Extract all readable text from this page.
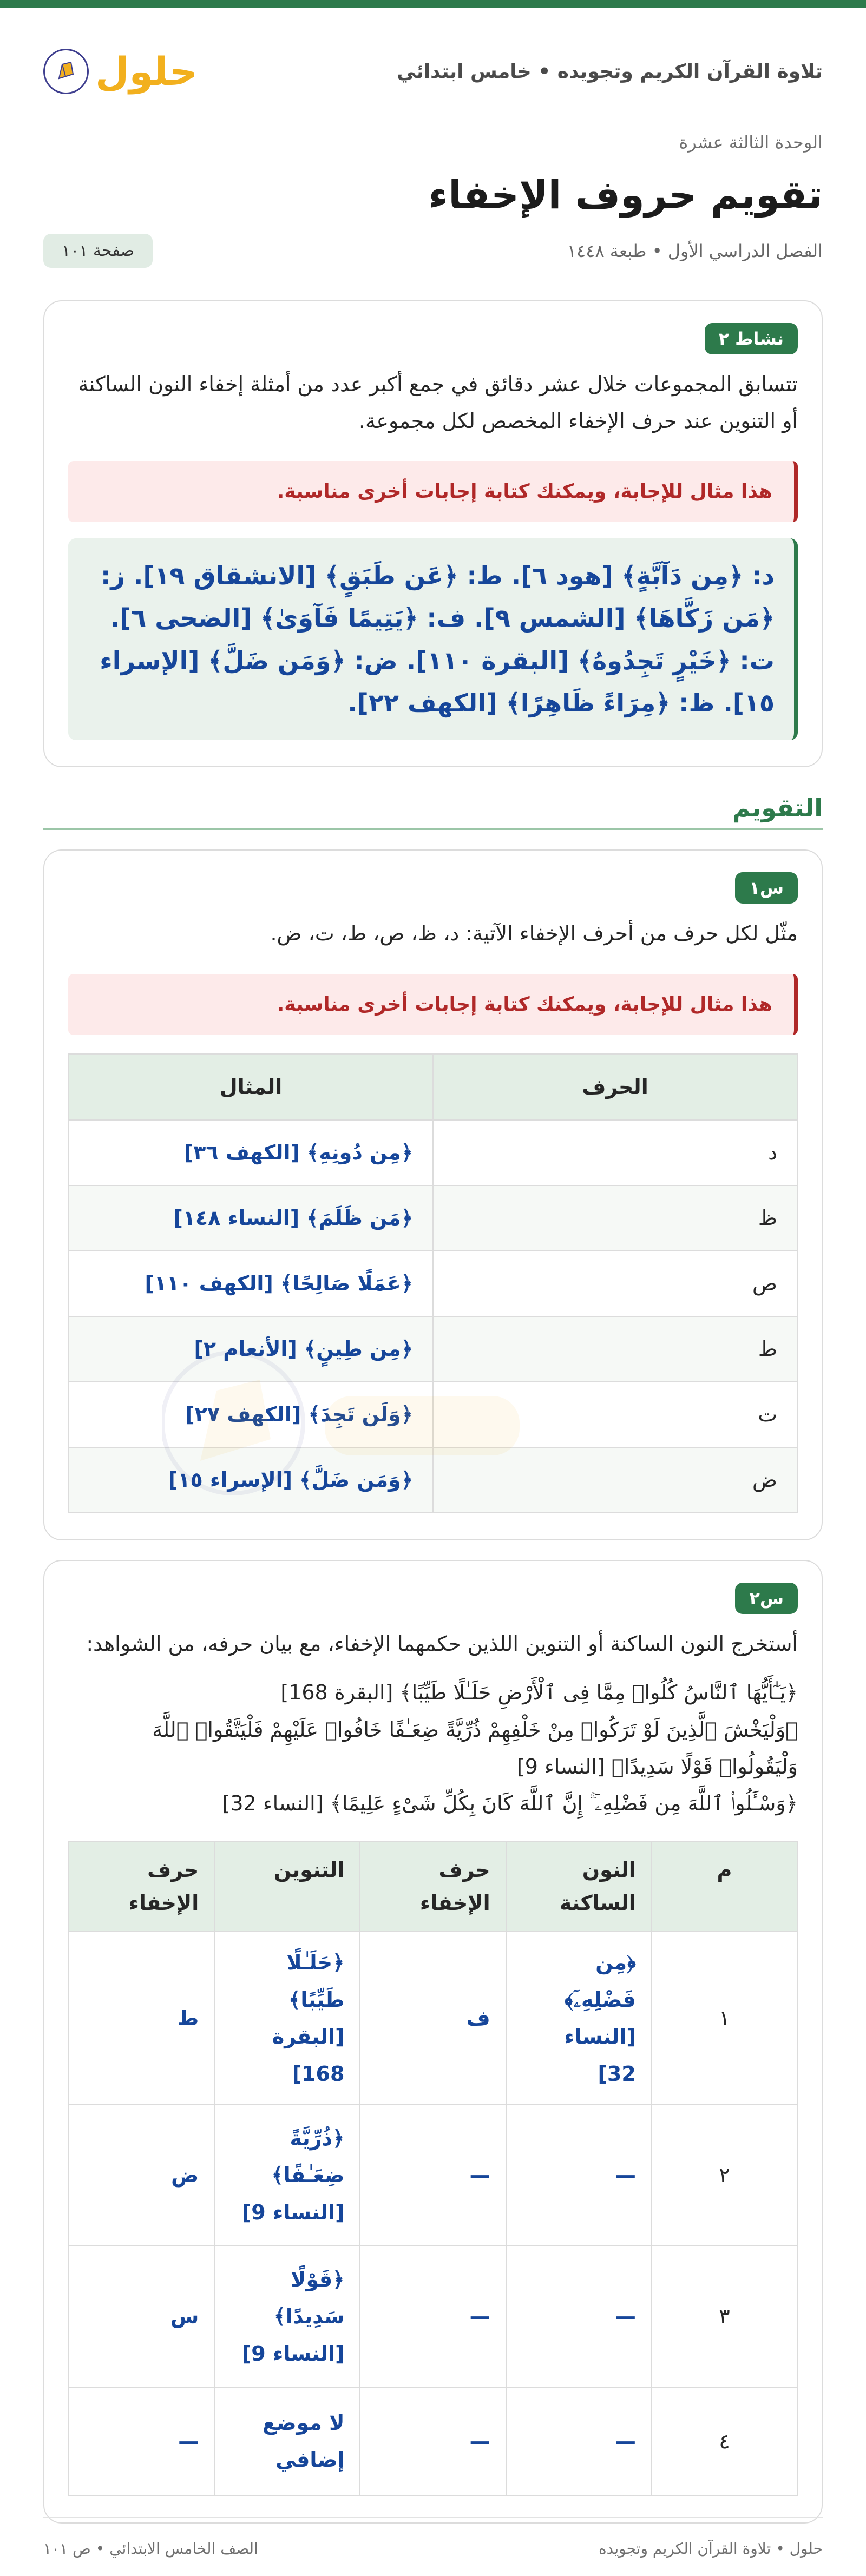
تلاوة القرآن الكريم وتجويده • خامس ابتدائي
حلول
الوحدة الثالثة عشرة
تقويم حروف الإخفاء
الفصل الدراسي الأول • طبعة ١٤٤٨
صفحة ١٠١
نشاط ٢

تتسابق المجموعات خلال عشر دقائق في جمع أكبر عدد من أمثلة إخفاء النون الساكنة أو التنوين عند حرف الإخفاء المخصص لكل مجموعة.

هذا مثال للإجابة، ويمكنك كتابة إجابات أخرى مناسبة.
د: ﴿مِن دَآبَّةٍ﴾ [هود ٦]. ط: ﴿عَن طَبَقٍ﴾ [الانشقاق ١٩]. ز: ﴿مَن زَكَّاهَا﴾ [الشمس ٩]. ف: ﴿يَتِيمًا فَآوَىٰ﴾ [الضحى ٦]. ت: ﴿خَيْرٍ تَجِدُوهُ﴾ [البقرة ١١٠]. ض: ﴿وَمَن ضَلَّ﴾ [الإسراء ١٥]. ظ: ﴿مِرَاءً ظَاهِرًا﴾ [الكهف ٢٢].
التقويم
س١

مثّل لكل حرف من أحرف الإخفاء الآتية: د، ظ، ص، ط، ت، ض.

هذا مثال للإجابة، ويمكنك كتابة إجابات أخرى مناسبة.
الحرف	المثال
د	﴿مِن دُونِهِ﴾ [الكهف ٣٦]
ظ	﴿مَن ظَلَمَ﴾ [النساء ١٤٨]
ص	﴿عَمَلًا صَالِحًا﴾ [الكهف ١١٠]
ط	﴿مِن طِينٍ﴾ [الأنعام ٢]
ت	﴿وَلَن تَجِدَ﴾ [الكهف ٢٧]
ض	﴿وَمَن ضَلَّ﴾ [الإسراء ١٥]
س٢

أستخرج النون الساكنة أو التنوين اللذين حكمهما الإخفاء، مع بيان حرفه، من الشواهد:

﴿يَـٰٓأَيُّهَا ٱلنَّاسُ كُلُوا۟ مِمَّا فِى ٱلْأَرْضِ حَلَـٰلًا طَيِّبًا﴾ [البقرة 168]
﴿وَلْيَخْشَ ٱلَّذِينَ لَوْ تَرَكُوا۟ مِنْ خَلْفِهِمْ ذُرِّيَّةً ضِعَـٰفًا خَافُوا۟ عَلَيْهِمْ فَلْيَتَّقُوا۟ ٱللَّهَ وَلْيَقُولُوا۟ قَوْلًا سَدِيدًا﴾ [النساء 9]
﴿وَسْـَٔلُوا۟ ٱللَّهَ مِن فَضْلِهِۦٓ ۚ إِنَّ ٱللَّهَ كَانَ بِكُلِّ شَىْءٍ عَلِيمًا﴾ [النساء 32]
م	النون الساكنة	حرف الإخفاء	التنوين	حرف الإخفاء
١	﴿مِن فَضْلِهِۦٓ﴾ [النساء 32]	ف	﴿حَلَـٰلًا طَيِّبًا﴾ [البقرة 168]	ط
٢	—	—	﴿ذُرِّيَّةً ضِعَـٰفًا﴾ [النساء 9]	ض
٣	—	—	﴿قَوْلًا سَدِيدًا﴾ [النساء 9]	س
٤	—	—	لا موضع إضافي	—
حلول • تلاوة القرآن الكريم وتجويده
الصف الخامس الابتدائي • ص ١٠١
